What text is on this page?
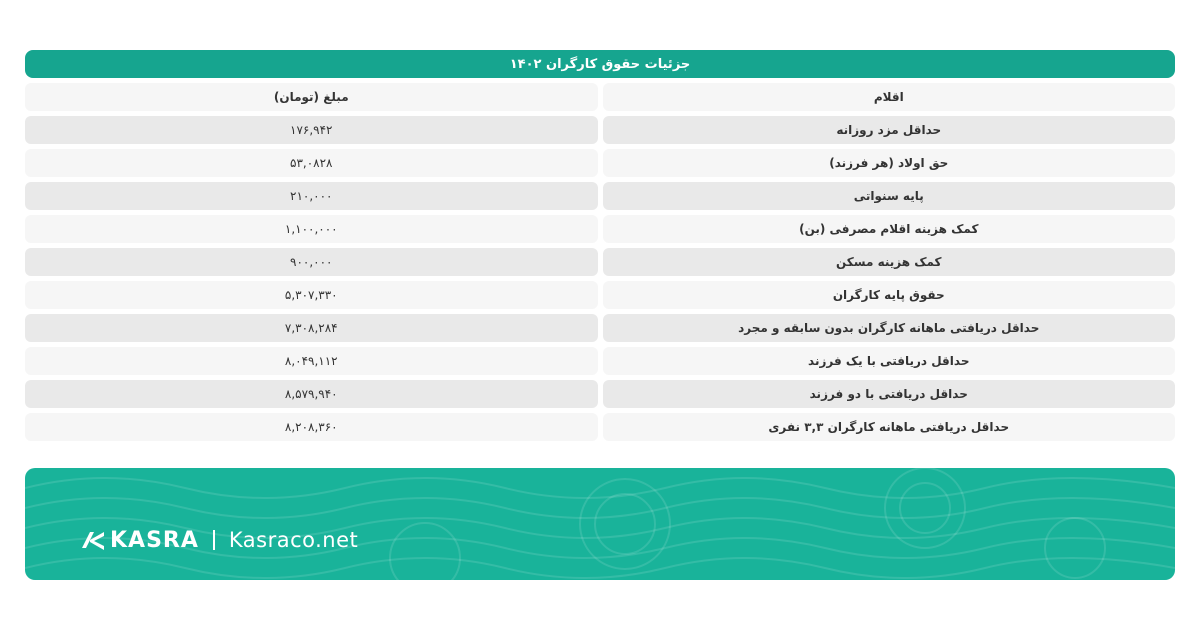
جزئیات حقوق کارگران ۱۴۰۲
مبلغ (تومان)	اقلام
۱۷۶,۹۴۲	حداقل مزد روزانه
۵۳,۰۸۲۸	حق اولاد (هر فرزند)
۲۱۰,۰۰۰	پایه سنواتی
۱,۱۰۰,۰۰۰	کمک هزینه اقلام مصرفی (بن)
۹۰۰,۰۰۰	کمک هزینه مسکن
۵,۳۰۷,۳۳۰	حقوق پایه کارگران
۷,۳۰۸,۲۸۴	حداقل دریافتی ماهانه کارگران بدون سابقه و مجرد
۸,۰۴۹,۱۱۲	حداقل دریافتی با یک فرزند
۸,۵۷۹,۹۴۰	حداقل دریافتی با دو فرزند
۸,۲۰۸,۳۶۰	حداقل دریافتی ماهانه کارگران ۳,۳ نفری
KASRA Kasraco.net
